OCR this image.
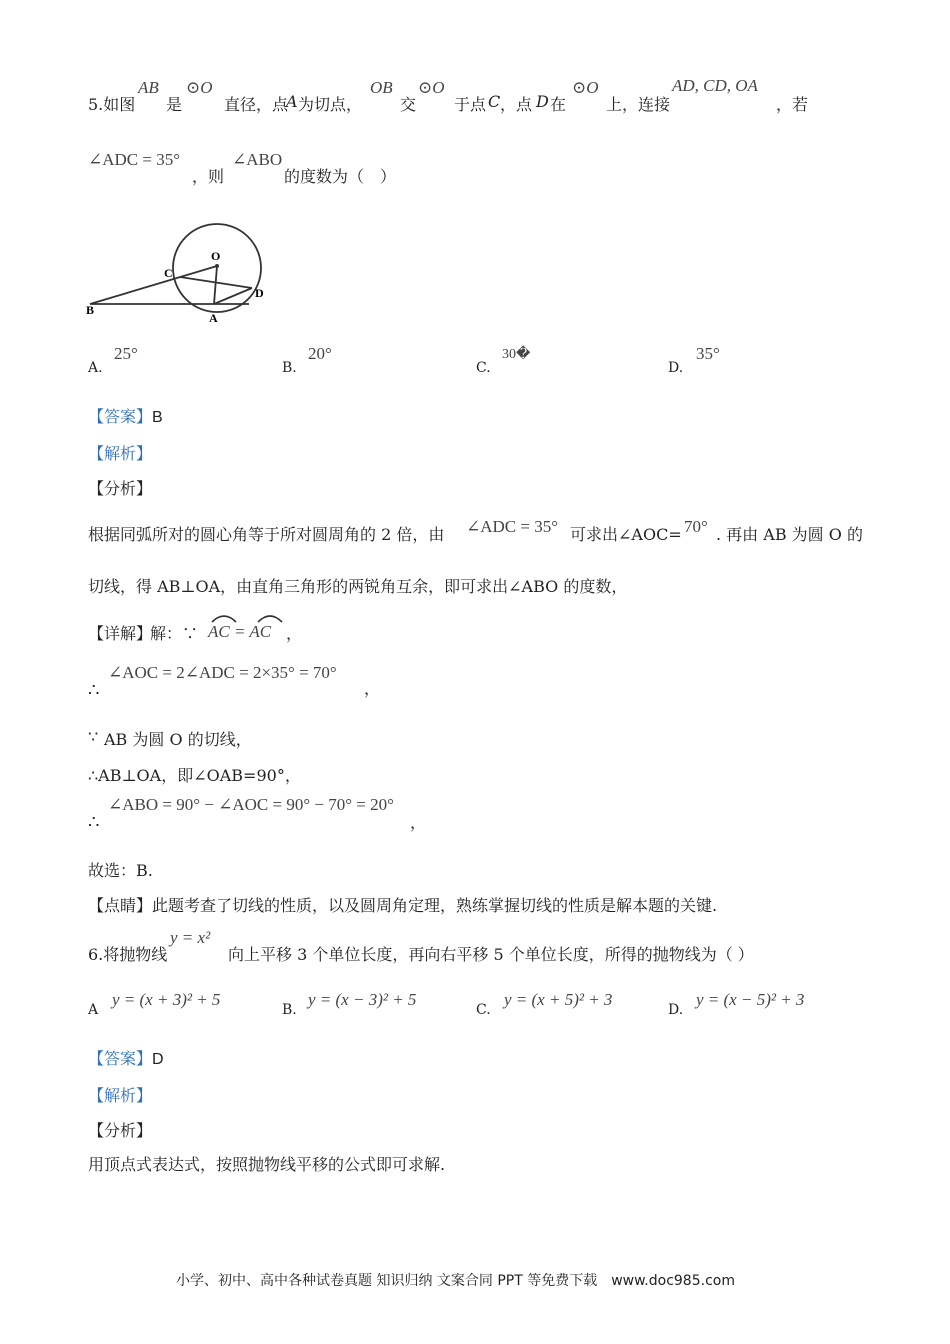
5.如图
AB
是
⊙O
直径，点
A 为切点，
OB
交
⊙O
于点 C ，点 D 在
⊙O
上，连接
AD, CD, OA
，若
∠ADC = 35°
，则
∠ABO
的度数为（　）
O
C
D
B
A
A.
25°
B.
20°
C.
30�
D.
35°
【答案】B
【解析】
【分析】
根据同弧所对的圆心角等于所对圆周角的 2 倍，由 ∠ADC = 35° 可求出∠AOC= 70° . 再由 AB 为圆 O 的
切线，得 AB⊥OA，由直角三角形的两锐角互余，即可求出∠ABO 的度数，
【详解】
解：∵ AC = AC ，
∴
∠AOC = 2∠ADC = 2×35° = 70°
，
∵ AB 为圆 O 的切线，
∴AB⊥OA，即∠OAB=90°，
∴
∠ABO = 90° − ∠AOC = 90° − 70° = 20°
，
故选：B.
【点睛】此题考查了切线的性质，以及圆周角定理，熟练掌握切线的性质是解本题的关键.
6.将抛物线
y = x²
向上平移 3 个单位长度，再向右平移 5 个单位长度，所得的抛物线为（ ）
A
y = (x + 3)² + 5
B.
y = (x − 3)² + 5
C.
y = (x + 5)² + 3
D.
y = (x − 5)² + 3
【答案】D
【解析】
【分析】
用顶点式表达式，按照抛物线平移的公式即可求解.
小学、初中、高中各种试卷真题 知识归纳 文案合同 PPT 等免费下载　www.doc985.com
